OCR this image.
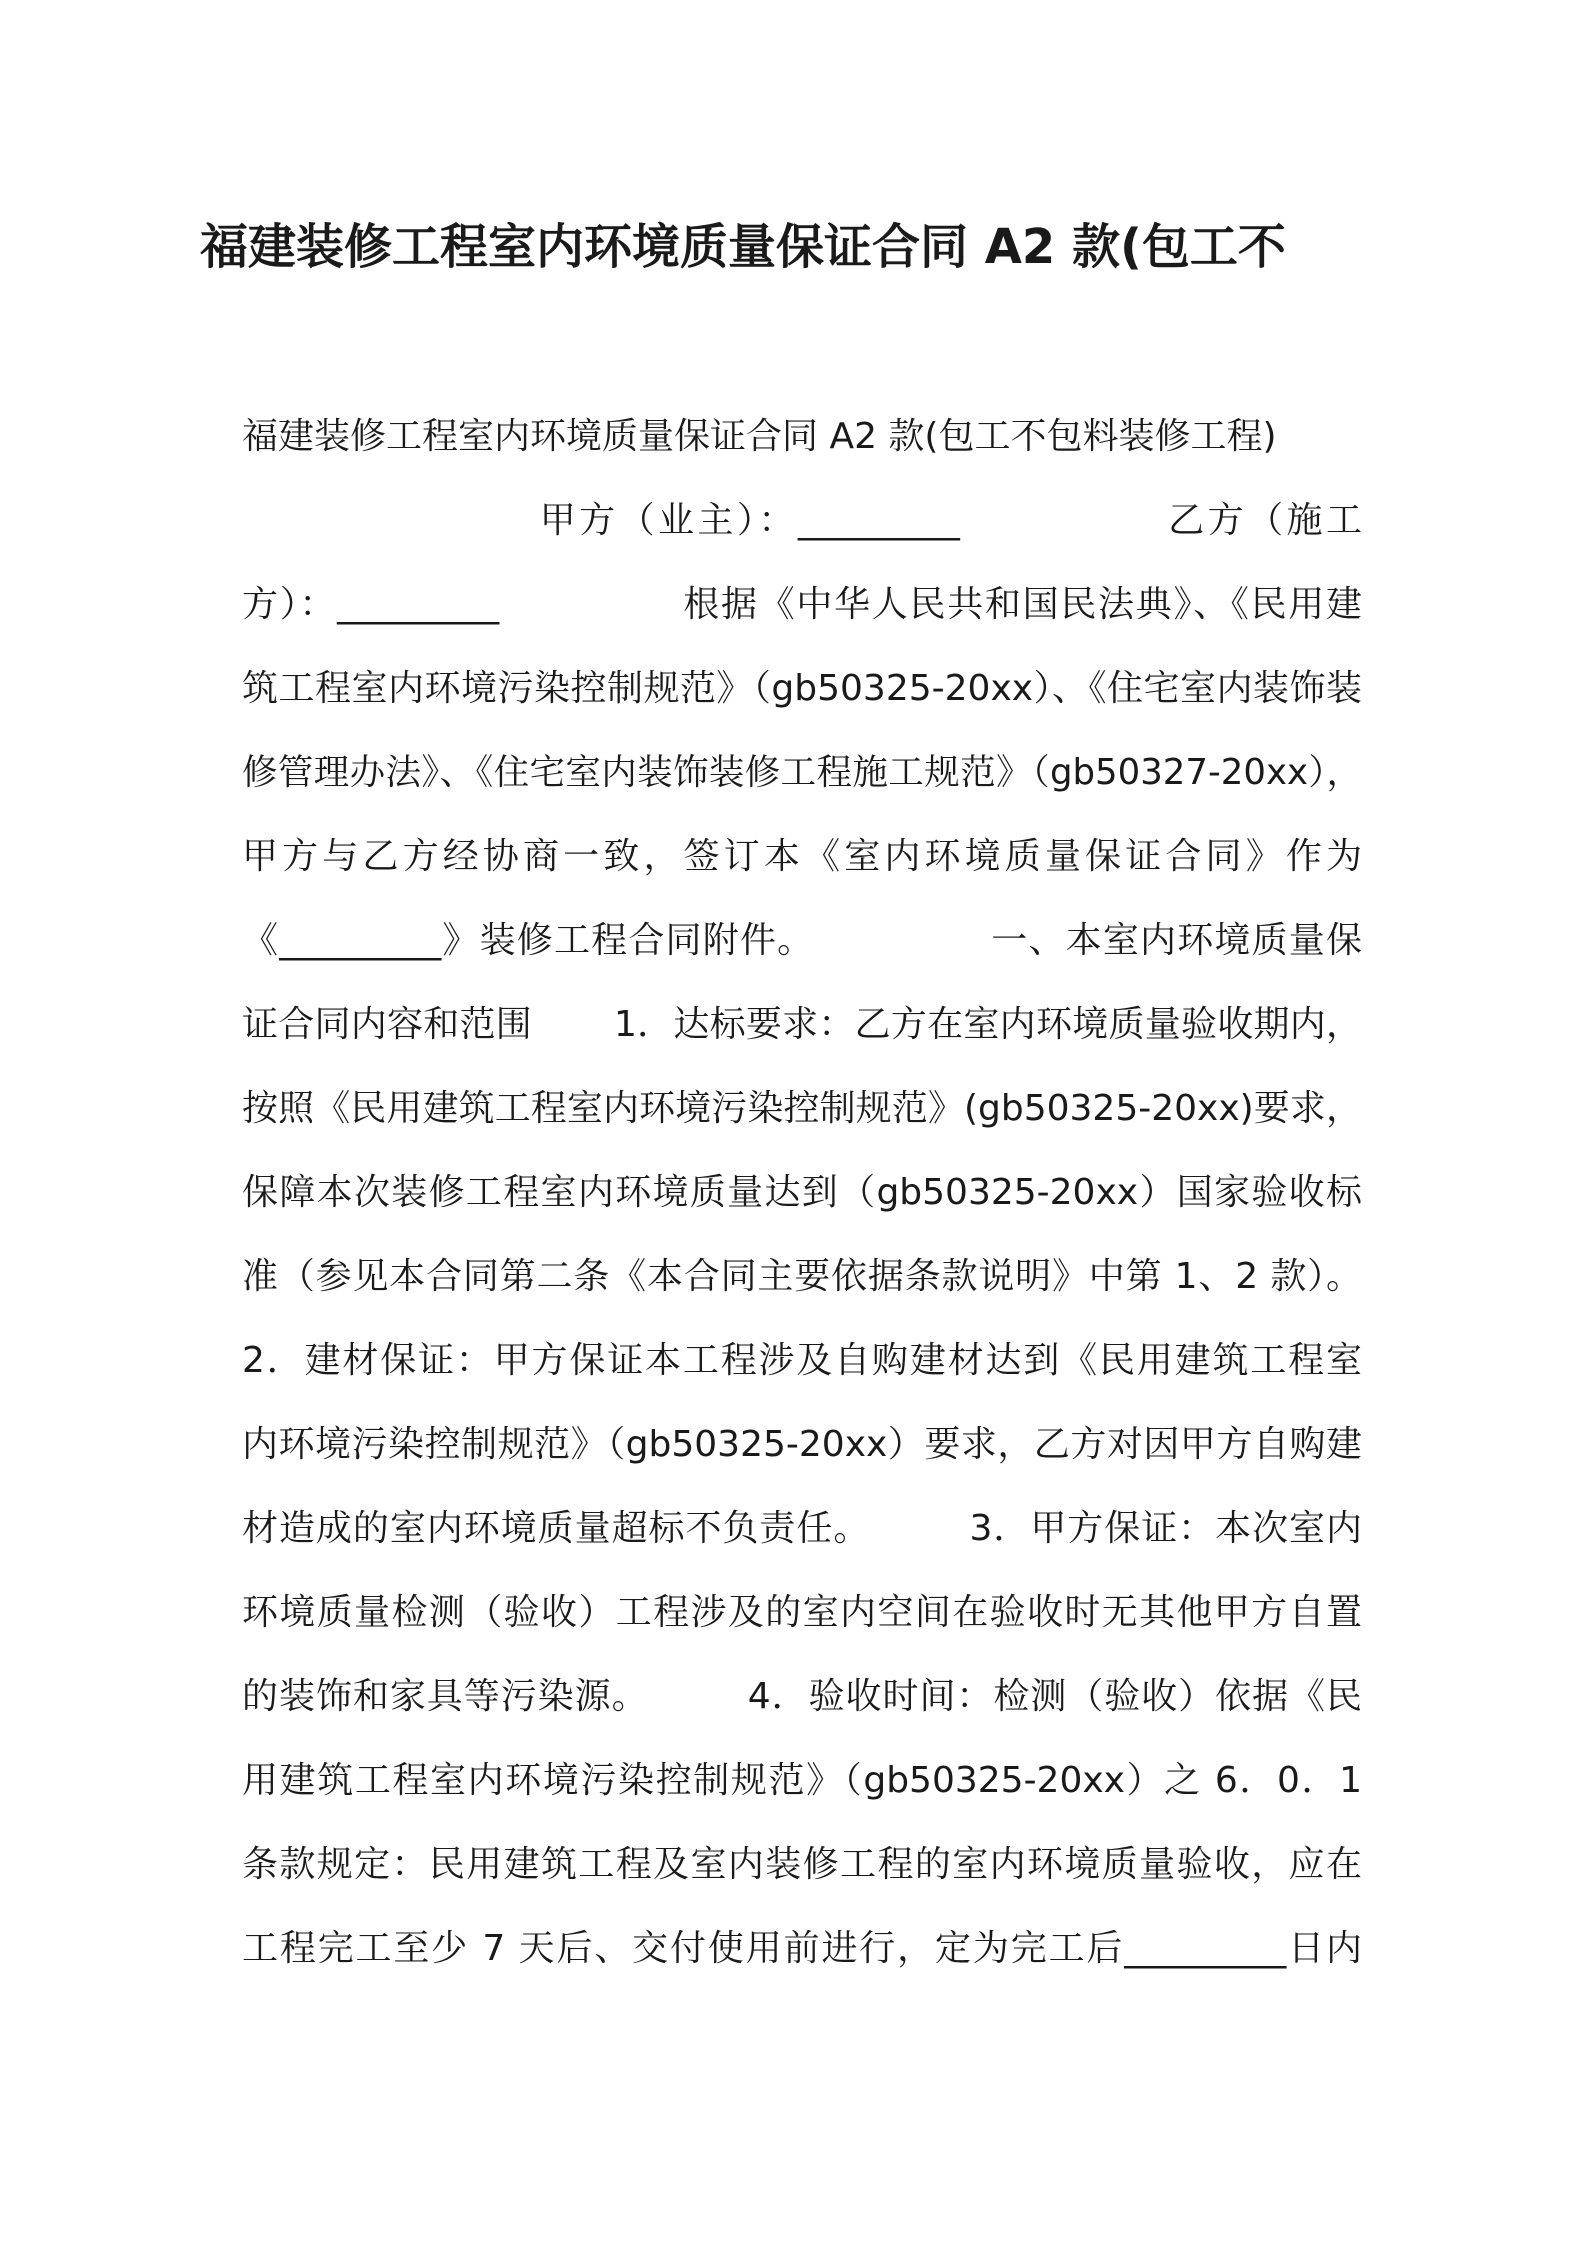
福建装修工程室内环境质量保证合同 A2 款(包工不
福建装修工程室内环境质量保证合同 A2 款(包工不包料装修工程)
甲方（业主）：_________              乙方（施工
方）：_________              根据《中华人民共和国民法典》、《民用建
筑工程室内环境污染控制规范》（gb50325-20xx）、《住宅室内装饰装
修管理办法》、《住宅室内装饰装修工程施工规范》（gb50327-20xx），
甲方与乙方经协商一致，签订本《室内环境质量保证合同》作为
《_________》装修工程合同附件。              一、本室内环境质量保
证合同内容和范围       1．达标要求：乙方在室内环境质量验收期内，
按照《民用建筑工程室内环境污染控制规范》(gb50325-20xx)要求，
保障本次装修工程室内环境质量达到（gb50325-20xx）国家验收标
准（参见本合同第二条《本合同主要依据条款说明》中第 1、2 款）。
2．建材保证：甲方保证本工程涉及自购建材达到《民用建筑工程室
内环境污染控制规范》（gb50325-20xx）要求，乙方对因甲方自购建
材造成的室内环境质量超标不负责任。        3．甲方保证：本次室内
环境质量检测（验收）工程涉及的室内空间在验收时无其他甲方自置
的装饰和家具等污染源。        4．验收时间：检测（验收）依据《民
用建筑工程室内环境污染控制规范》（gb50325-20xx）之 6．0．1
条款规定：民用建筑工程及室内装修工程的室内环境质量验收，应在
工程完工至少 7 天后、交付使用前进行，定为完工后_________日内
